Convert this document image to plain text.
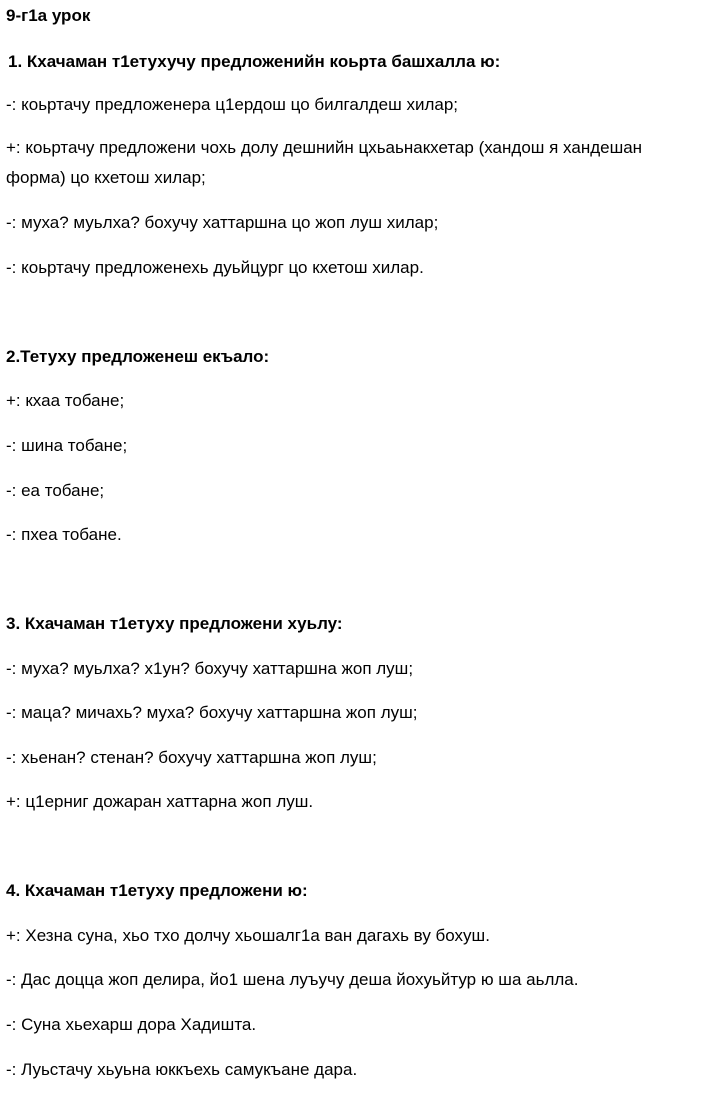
9-г1а урок
1. Кхачаман т1етухучу предложенийн коьрта башхалла ю:
-: коьртачу предложенера ц1ердош цо билгалдеш хилар;
+: коьртачу предложени чохь долу дешнийн цхьаьнакхетар (хандош я хандешан форма) цо кхетош хилар;
-: муха? муьлха? бохучу хаттаршна цо жоп луш хилар;
-: коьртачу предложенехь дуьйцург цо кхетош хилар.
2.Тетуху предложенеш екъало:
+: кхаа тобане;
-: шина тобане;
-: еа тобане;
-: пхеа тобане.
3. Кхачаман т1етуху предложени хуьлу:
-: муха? муьлха? х1ун? бохучу хаттаршна жоп луш;
-: маца? мичахь? муха? бохучу хаттаршна жоп луш;
-: хьенан? стенан? бохучу хаттаршна жоп луш;
+: ц1ерниг дожаран хаттарна жоп луш.
4. Кхачаман т1етуху предложени ю:
+: Хезна суна, хьо тхо долчу хьошалг1а ван дагахь ву бохуш.
-: Дас доцца жоп делира, йо1 шена луъучу деша йохуьйтур ю ша аьлла.
-: Суна хьехарш дора Хадишта.
-: Луьстачу хьуьна юккъехь самукъане дара.
